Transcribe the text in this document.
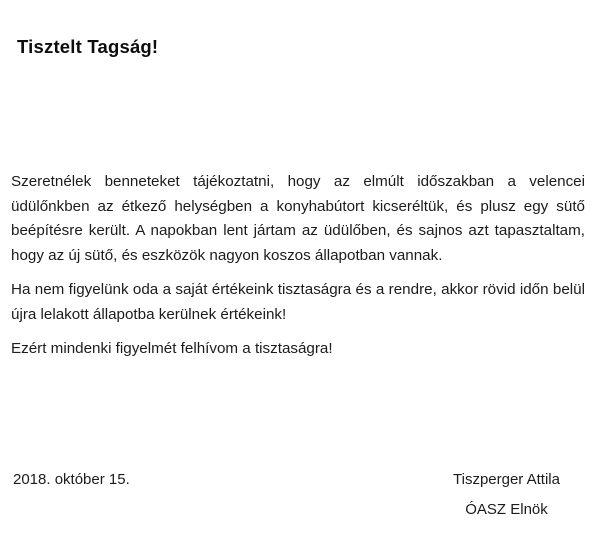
Tisztelt Tagság!

Szeretnélek benneteket tájékoztatni, hogy az elmúlt időszakban a velencei üdülőnkben az étkező helységben a konyhabútort kicseréltük, és plusz egy sütő beépítésre került. A napokban lent jártam az üdülőben, és sajnos azt tapasztaltam, hogy az új sütő, és eszközök nagyon koszos állapotban vannak.

Ha nem figyelünk oda a saját értékeink tisztaságra és a rendre, akkor rövid időn belül újra lelakott állapotba kerülnek értékeink!

Ezért mindenki figyelmét felhívom a tisztaságra!

2018. október 15.	Tiszperger Attila
ÓASZ Elnök
